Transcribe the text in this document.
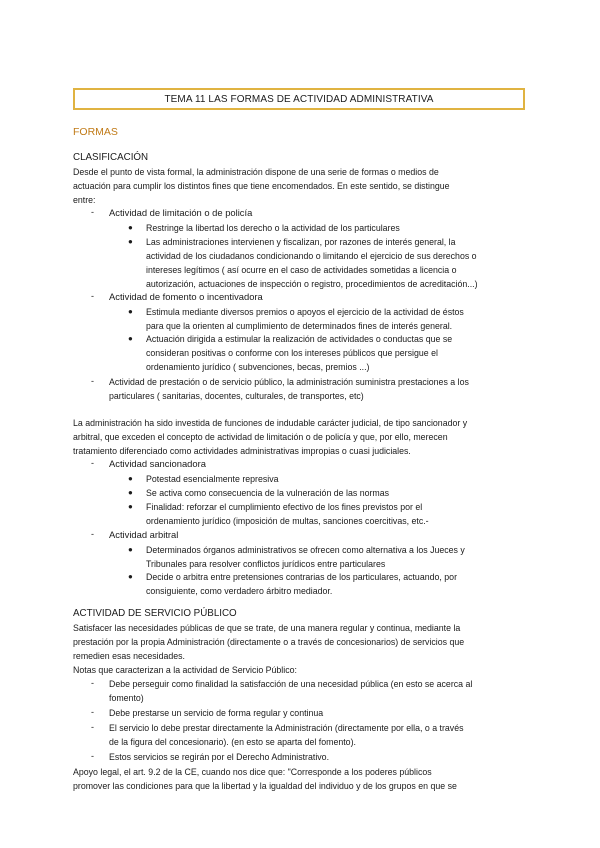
TEMA 11 LAS FORMAS DE ACTIVIDAD ADMINISTRATIVA
FORMAS
CLASIFICACIÓN
Desde el punto de vista formal, la administración dispone de una serie de formas o medios de
actuación para cumplir los distintos fines que tiene encomendados. En este sentido, se distingue
entre:
- Actividad de limitación o de policía
● Restringe la libertad los derecho o la actividad de los particulares
● Las administraciones intervienen y fiscalizan, por razones de interés general, la
actividad de los ciudadanos condicionando o limitando el ejercicio de sus derechos o
intereses legítimos ( así ocurre en el caso de actividades sometidas a licencia o
autorización, actuaciones de inspección o registro, procedimientos de acreditación...)
- Actividad de fomento o incentivadora
● Estimula mediante diversos premios o apoyos el ejercicio de la actividad de éstos
para que la orienten al cumplimiento de determinados fines de interés general.
● Actuación dirigida a estimular la realización de actividades o conductas que se
consideran positivas o conforme con los intereses públicos que persigue el
ordenamiento jurídico ( subvenciones, becas, premios ...)
- Actividad de prestación o de servicio público, la administración suministra prestaciones a los
particulares ( sanitarias, docentes, culturales, de transportes, etc)
La administración ha sido investida de funciones de indudable carácter judicial, de tipo sancionador y
arbitral, que exceden el concepto de actividad de limitación o de policía y que, por ello, merecen
tratamiento diferenciado como actividades administrativas impropias o cuasi judiciales.
- Actividad sancionadora
● Potestad esencialmente represiva
● Se activa como consecuencia de la vulneración de las normas
● Finalidad: reforzar el cumplimiento efectivo de los fines previstos por el
ordenamiento jurídico (imposición de multas, sanciones coercitivas, etc.-
- Actividad arbitral
● Determinados órganos administrativos se ofrecen como alternativa a los Jueces y
Tribunales para resolver conflictos jurídicos entre particulares
● Decide o arbitra entre pretensiones contrarias de los particulares, actuando, por
consiguiente, como verdadero árbitro mediador.
ACTIVIDAD DE SERVICIO PÚBLICO
Satisfacer las necesidades públicas de que se trate, de una manera regular y continua, mediante la
prestación por la propia Administración (directamente o a través de concesionarios) de servicios que
remedien esas necesidades.
Notas que caracterizan a la actividad de Servicio Público:
- Debe perseguir como finalidad la satisfacción de una necesidad pública (en esto se acerca al
fomento)
- Debe prestarse un servicio de forma regular y continua
- El servicio lo debe prestar directamente la Administración (directamente por ella, o a través
de la figura del concesionario). (en esto se aparta del fomento).
- Estos servicios se regirán por el Derecho Administrativo.
Apoyo legal, el art. 9.2 de la CE, cuando nos dice que: "Corresponde a los poderes públicos
promover las condiciones para que la libertad y la igualdad del individuo y de los grupos en que se
